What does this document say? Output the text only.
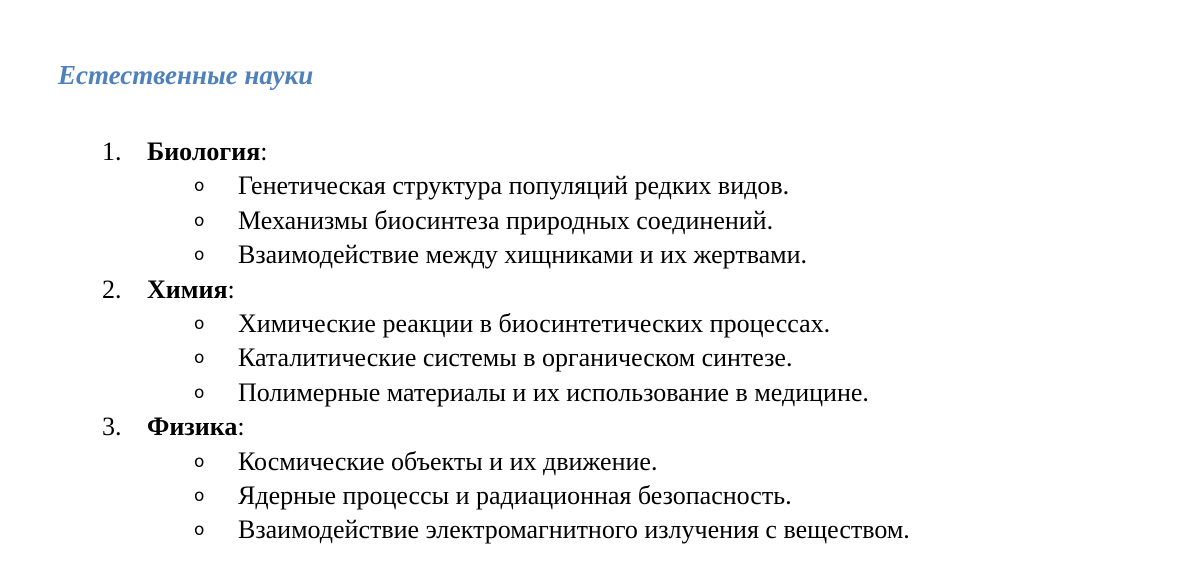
Естественные науки
1. Биология:
o
Генетическая структура популяций редких видов.
o
Механизмы биосинтеза природных соединений.
o
Взаимодействие между хищниками и их жертвами.
2. Химия:
o
Химические реакции в биосинтетических процессах.
o
Каталитические системы в органическом синтезе.
o
Полимерные материалы и их использование в медицине.
3. Физика:
o
Космические объекты и их движение.
o
Ядерные процессы и радиационная безопасность.
o
Взаимодействие электромагнитного излучения с веществом.
